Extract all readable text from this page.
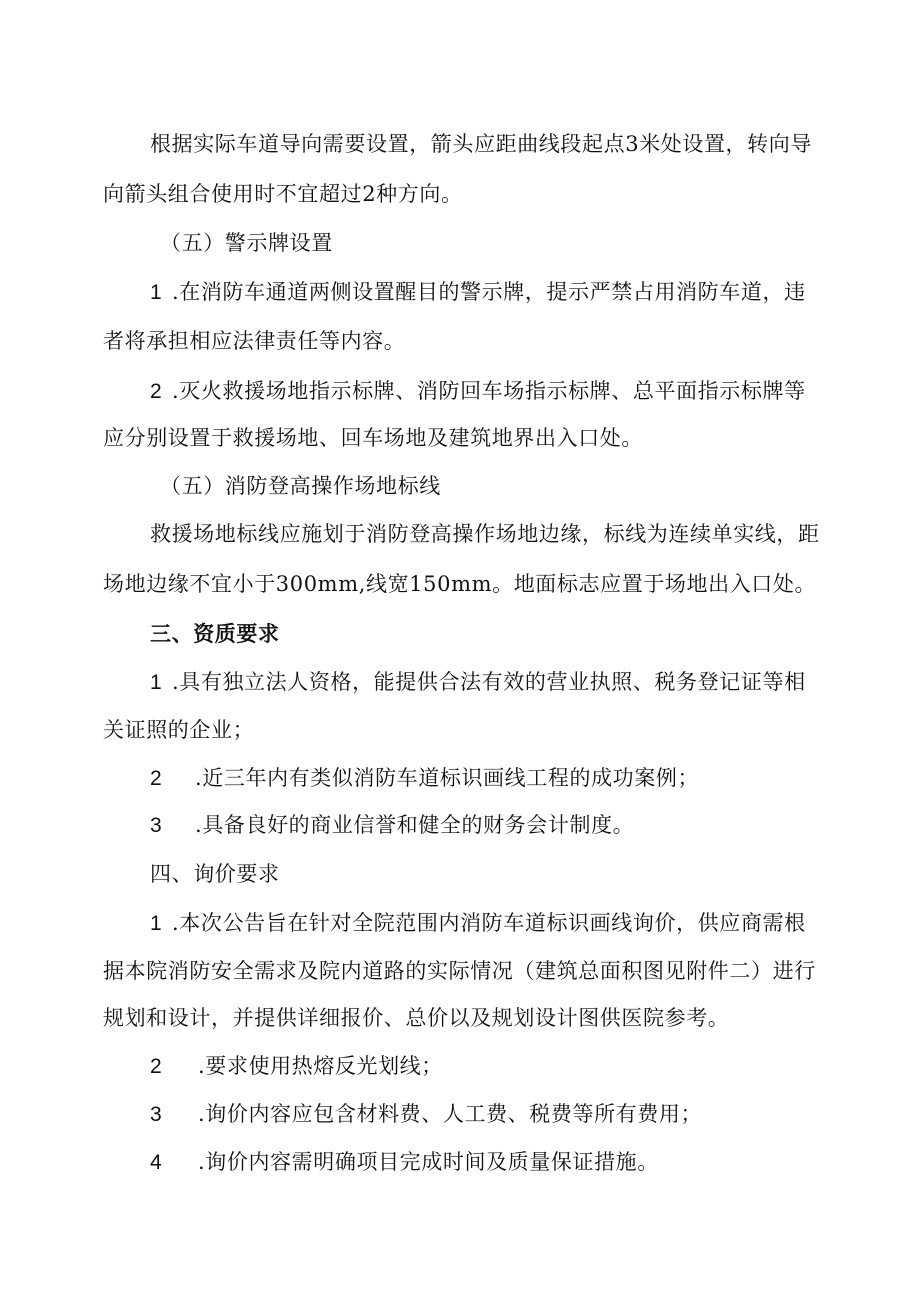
根据实际车道导向需要设置，箭头应距曲线段起点3米处设置，转向导
向箭头组合使用时不宜超过2种方向。
（五）警示牌设置
1 .在消防车通道两侧设置醒目的警示牌，提示严禁占用消防车道，违
者将承担相应法律责任等内容。
2 .灭火救援场地指示标牌、消防回车场指示标牌、总平面指示标牌等
应分别设置于救援场地、回车场地及建筑地界出入口处。
（五）消防登高操作场地标线
救援场地标线应施划于消防登高操作场地边缘，标线为连续单实线，距
场地边缘不宜小于300mm,线宽150mm。地面标志应置于场地出入口处。
三、资质要求
1 .具有独立法人资格，能提供合法有效的营业执照、税务登记证等相
关证照的企业；
2 .近三年内有类似消防车道标识画线工程的成功案例；
3 .具备良好的商业信誉和健全的财务会计制度。
四、询价要求
1 .本次公告旨在针对全院范围内消防车道标识画线询价，供应商需根
据本院消防安全需求及院内道路的实际情况（建筑总面积图见附件二）进行
规划和设计，并提供详细报价、总价以及规划设计图供医院参考。
2 .要求使用热熔反光划线；
3 .询价内容应包含材料费、人工费、税费等所有费用；
4 .询价内容需明确项目完成时间及质量保证措施。
